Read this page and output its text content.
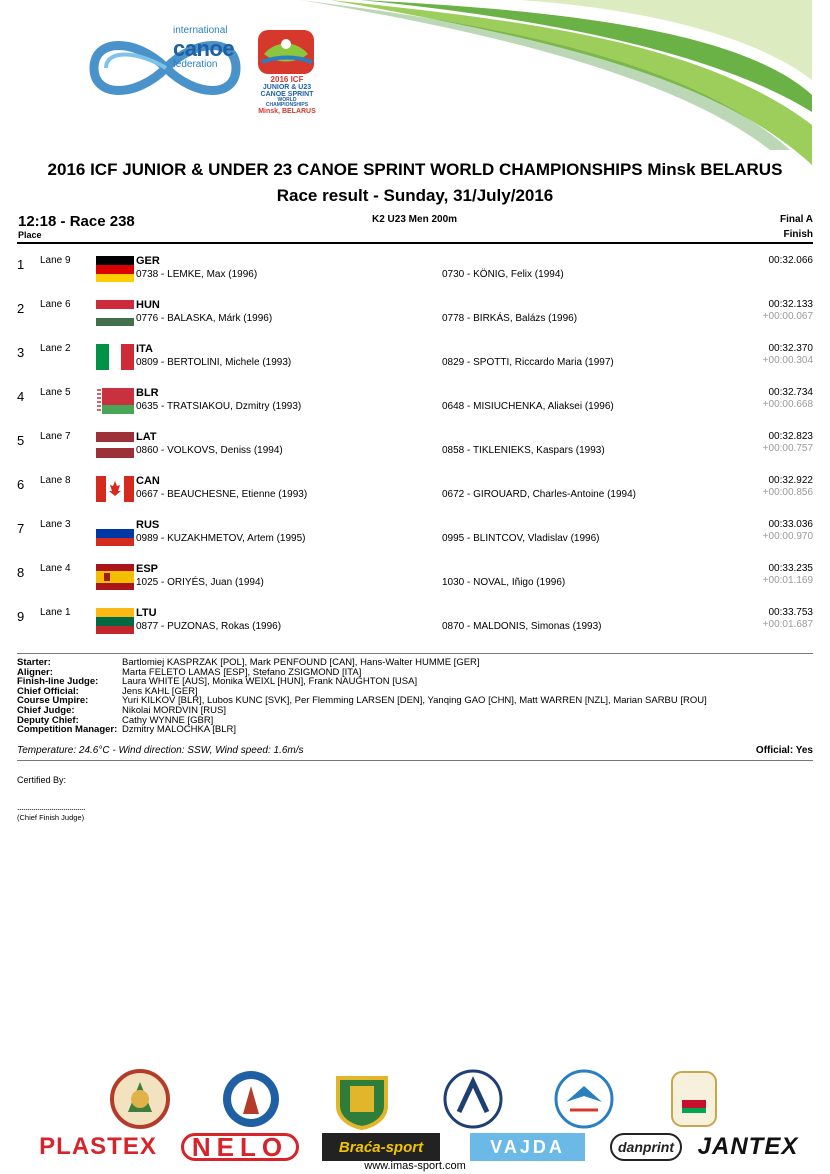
international
canoe
federation
2016 ICF
JUNIOR & U23
CANOE SPRINT
WORLD CHAMPIONSHIPS
Minsk, BELARUS
2016 ICF JUNIOR & UNDER 23 CANOE SPRINT WORLD CHAMPIONSHIPS Minsk BELARUS
Race result - Sunday, 31/July/2016
12:18 - Race 238
Place
K2 U23 Men 200m	Final A
Finish
1 Lane 9	GER
0738 - LEMKE, Max (1996)	0730 - KÖNIG, Felix (1994)
00:32.066
2 Lane 6	HUN
0776 - BALASKA, Márk (1996)	0778 - BIRKÁS, Balázs (1996)
00:32.133
+00:00.067
3 Lane 2	ITA
0809 - BERTOLINI, Michele (1993)	0829 - SPOTTI, Riccardo Maria (1997)
00:32.370
+00:00.304
4 Lane 5	BLR
0635 - TRATSIAKOU, Dzmitry (1993)	0648 - MISIUCHENKA, Aliaksei (1996)
00:32.734
+00:00.668
5 Lane 7	LAT
0860 - VOLKOVS, Deniss (1994)	0858 - TIKLENIEKS, Kaspars (1993)
00:32.823
+00:00.757
6 Lane 8	CAN
0667 - BEAUCHESNE, Etienne (1993)	0672 - GIROUARD, Charles-Antoine (1994)
00:32.922
+00:00.856
7 Lane 3	RUS
0989 - KUZAKHMETOV, Artem (1995)	0995 - BLINTCOV, Vladislav (1996)
00:33.036
+00:00.970
8 Lane 4	ESP
1025 - ORIYÉS, Juan (1994)	1030 - NOVAL, Iñigo (1996)
00:33.235
+00:01.169
9 Lane 1	LTU
0877 - PUZONAS, Rokas (1996)	0870 - MALDONIS, Simonas (1993)
00:33.753
+00:01.687
Starter:	Bartlomiej KASPRZAK [POL], Mark PENFOUND [CAN], Hans-Walter HUMME [GER]
Aligner:	Marta FELETO LAMAS [ESP], Stefano ZSIGMOND [ITA]
Finish-line Judge:	Laura WHITE [AUS], Monika WEIXL [HUN], Frank NAUGHTON [USA]
Chief Official:	Jens KAHL [GER]
Course Umpire:	Yuri KILKOV [BLR], Lubos KUNC [SVK], Per Flemming LARSEN [DEN], Yanqing GAO [CHN], Matt WARREN [NZL], Marian SARBU [ROU]
Chief Judge:	Nikolai MORDVIN [RUS]
Deputy Chief:	Cathy WYNNE [GBR]
Competition Manager: Dzmitry MALOCHKA [BLR]
Temperature: 24.6°C - Wind direction: SSW, Wind speed: 1.6m/s	Official: Yes
Certified By:
..................................
(Chief Finish Judge)
PLASTEX	NELO	Braća-sport	VAJDA	danprint JANTEX
www.imas-sport.com
